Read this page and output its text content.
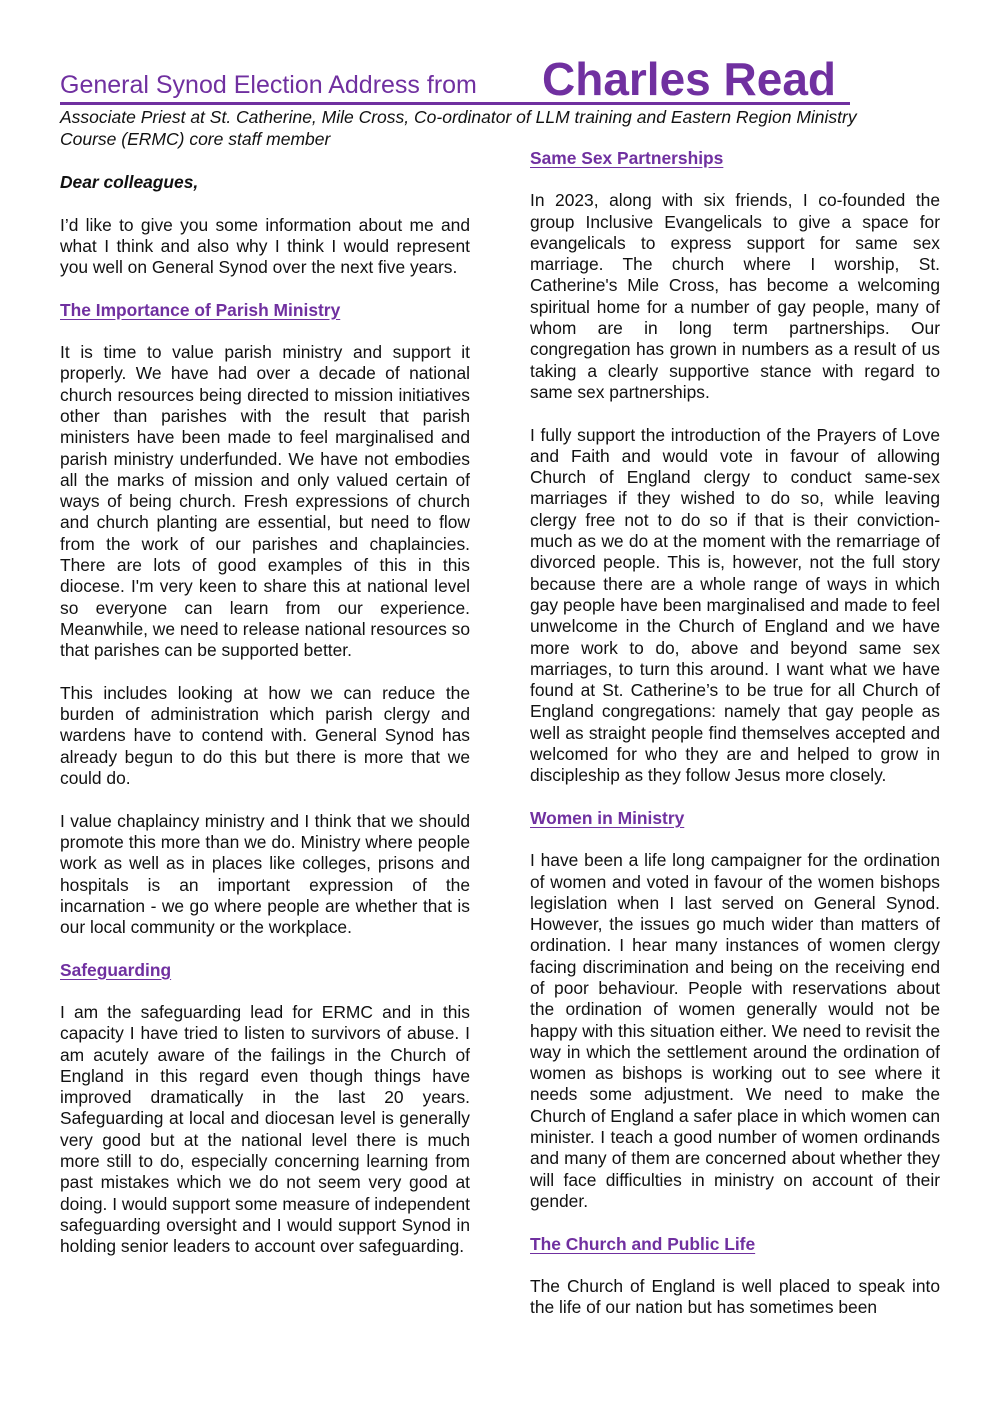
General Synod Election Address from Charles Read
Associate Priest at St. Catherine, Mile Cross, Co-ordinator of LLM training and Eastern Region Ministry Course (ERMC) core staff member

Dear colleagues,

I’d like to give you some information about me and what I think and also why I think I would represent you well on General Synod over the next five years.

The Importance of Parish Ministry

It is time to value parish ministry and support it properly. We have had over a decade of national church resources being directed to mission initiatives other than parishes with the result that parish ministers have been made to feel marginalised and parish ministry underfunded. We have not embodies all the marks of mission and only valued certain of ways of being church. Fresh expressions of church and church planting are essential, but need to flow from the work of our parishes and chaplaincies. There are lots of good examples of this in this diocese. I'm very keen to share this at national level so everyone can learn from our experience. Meanwhile, we need to release national resources so that parishes can be supported better.

This includes looking at how we can reduce the burden of administration which parish clergy and wardens have to contend with. General Synod has already begun to do this but there is more that we could do.

I value chaplaincy ministry and I think that we should promote this more than we do. Ministry where people work as well as in places like colleges, prisons and hospitals is an important expression of the incarnation - we go where people are whether that is our local community or the workplace.

Safeguarding

I am the safeguarding lead for ERMC and in this capacity I have tried to listen to survivors of abuse. I am acutely aware of the failings in the Church of England in this regard even though things have improved dramatically in the last 20 years. Safeguarding at local and diocesan level is generally very good but at the national level there is much more still to do, especially concerning learning from past mistakes which we do not seem very good at doing. I would support some measure of independent safeguarding oversight and I would support Synod in holding senior leaders to account over safeguarding.

Same Sex Partnerships

In 2023, along with six friends, I co-founded the group Inclusive Evangelicals to give a space for evangelicals to express support for same sex marriage. The church where I worship, St. Catherine's Mile Cross, has become a welcoming spiritual home for a number of gay people, many of whom are in long term partnerships. Our congregation has grown in numbers as a result of us taking a clearly supportive stance with regard to same sex partnerships.

I fully support the introduction of the Prayers of Love and Faith and would vote in favour of allowing Church of England clergy to conduct same-sex marriages if they wished to do so, while leaving clergy free not to do so if that is their conviction- much as we do at the moment with the remarriage of divorced people. This is, however, not the full story because there are a whole range of ways in which gay people have been marginalised and made to feel unwelcome in the Church of England and we have more work to do, above and beyond same sex marriages, to turn this around. I want what we have found at St. Catherine’s to be true for all Church of England congregations: namely that gay people as well as straight people find themselves accepted and welcomed for who they are and helped to grow in discipleship as they follow Jesus more closely.

Women in Ministry

I have been a life long campaigner for the ordination of women and voted in favour of the women bishops legislation when I last served on General Synod. However, the issues go much wider than matters of ordination. I hear many instances of women clergy facing discrimination and being on the receiving end of poor behaviour. People with reservations about the ordination of women generally would not be happy with this situation either. We need to revisit the way in which the settlement around the ordination of women as bishops is working out to see where it needs some adjustment. We need to make the Church of England a safer place in which women can minister. I teach a good number of women ordinands and many of them are concerned about whether they will face difficulties in ministry on account of their gender.

The Church and Public Life

The Church of England is well placed to speak into the life of our nation but has sometimes been
